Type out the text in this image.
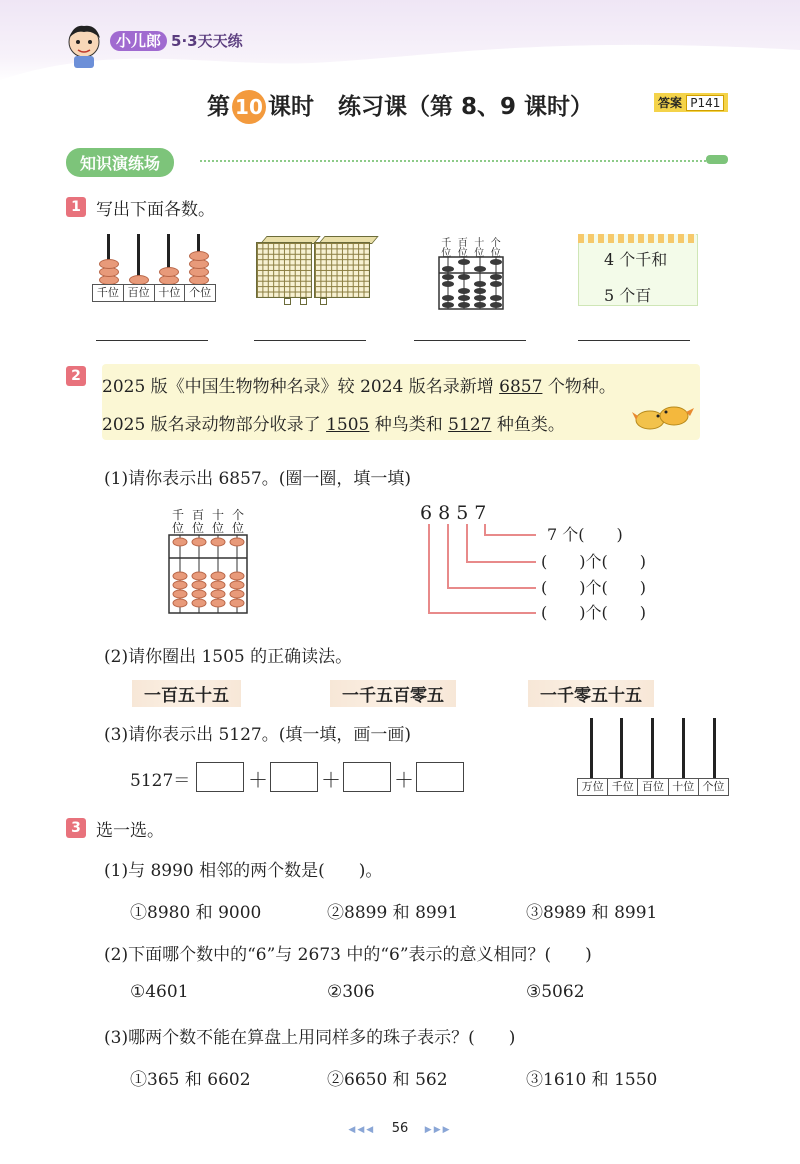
小儿郎 5·3天天练
第 10 课时 练习课（第 8、9 课时）	答案 P141
知识演练场
1 写出下面各数。
千位 百位 十位 个位
千 百 十 个
位 位 位 位	4 个千和
5 个百
2
2025 版《中国生物物种名录》较 2024 版名录新增 6857 个物种。
2025 版名录动物部分收录了 1505 种鸟类和 5127 种鱼类。
(1)请你表示出 6857。(圈一圈，填一填)
千 百 十 个
位 位 位 位
6857
7 个(　　)
(　　)个(　　)
(　　)个(　　)
(　　)个(　　)
(2)请你圈出 1505 的正确读法。
一百五十五	一千五百零五	一千零五十五
(3)请你表示出 5127。(填一填，画一画)
5127＝	＋	＋	＋	万位 千位 百位 十位 个位
3 选一选。
(1)与 8990 相邻的两个数是(　　)。
①8980 和 9000	②8899 和 8991	③8989 和 8991
(2)下面哪个数中的“6”与 2673 中的“6”表示的意义相同？(　　)
①4601	②306	③5062
(3)哪两个数不能在算盘上用同样多的珠子表示？(　　)
①365 和 6602	②6650 和 562	③1610 和 1550
◀◀◀ 56 ▶▶▶
